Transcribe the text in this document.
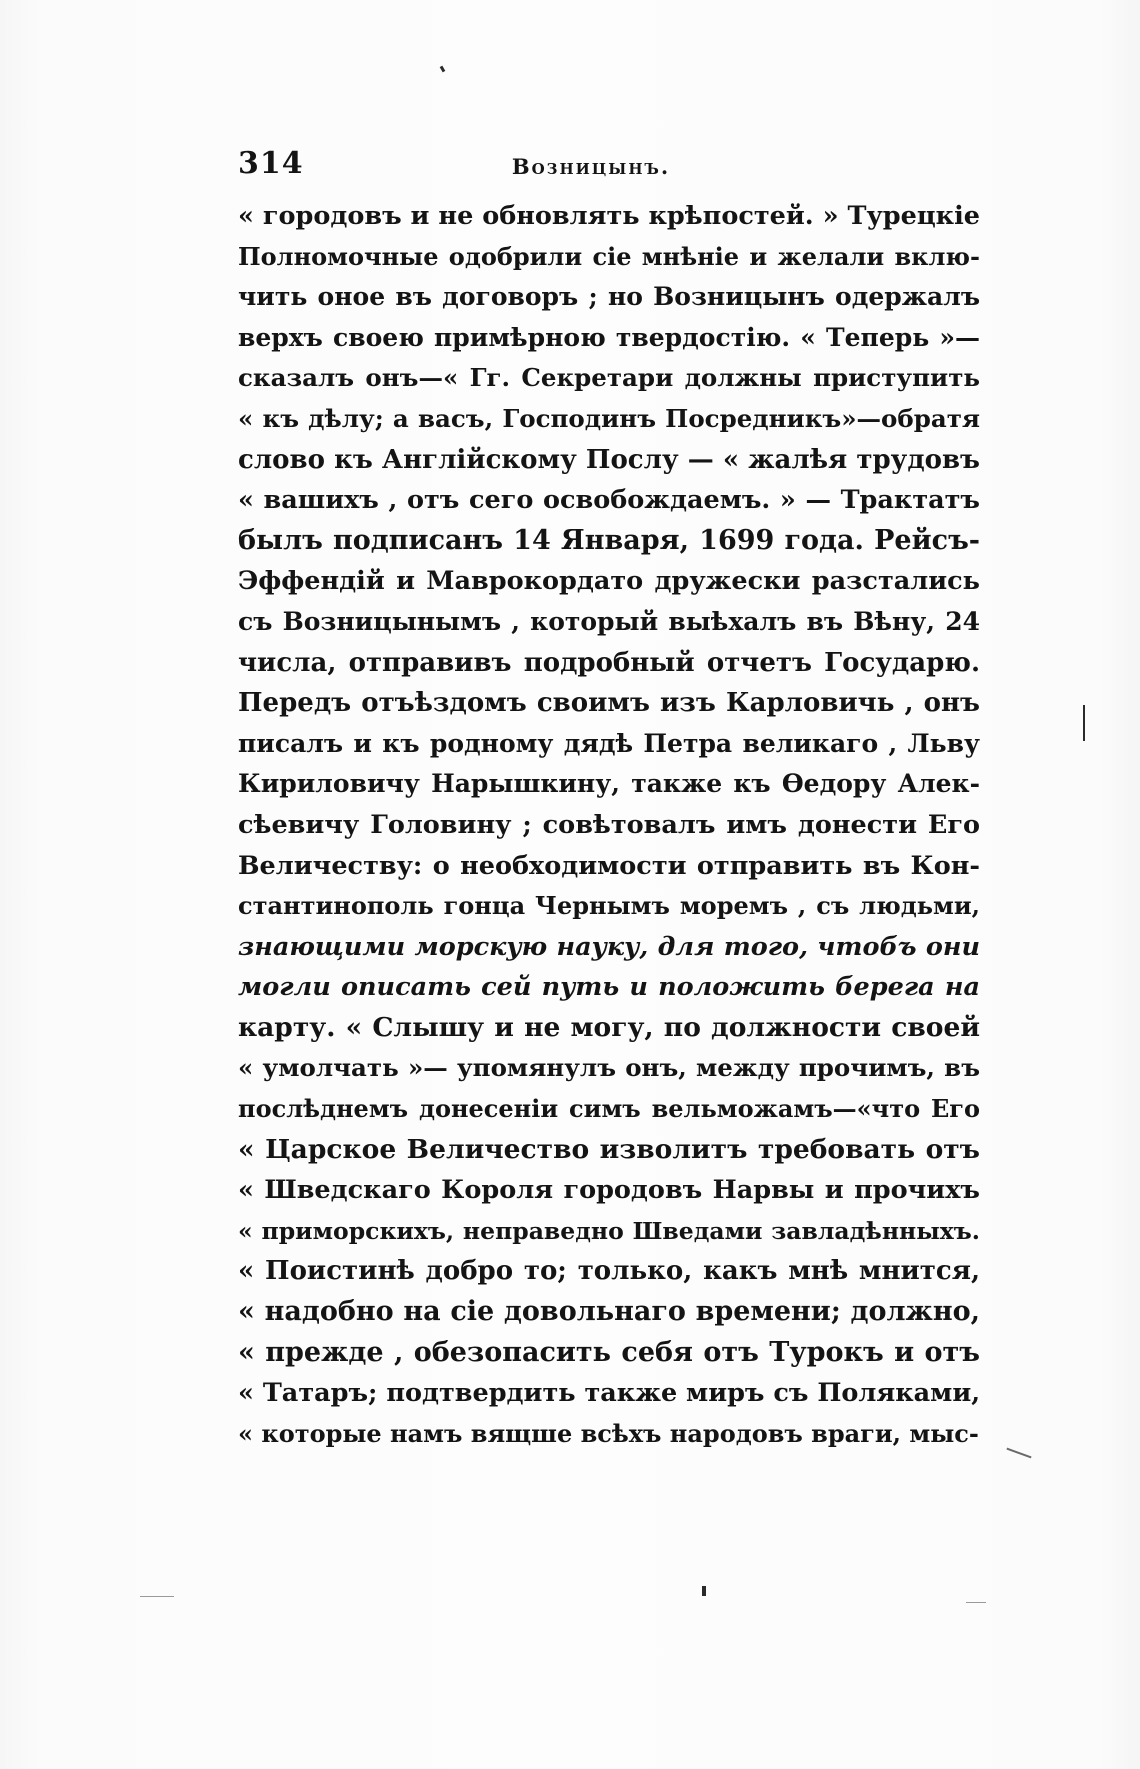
314	Возницынъ.
« городовъ и не обновлять крѣпостей. » Турецкіе
Полномочные одобрили сіе мнѣніе и желали вклю-
чить оное въ договоръ ; но Возницынъ одержалъ
верхъ своею примѣрною твердостію. « Теперь »—
сказалъ онъ—« Гг. Секретари должны приступить
« къ дѣлу; а васъ, Господинъ Посредникъ»—обратя
слово къ Англійскому Послу — « жалѣя трудовъ
« вашихъ , отъ сего освобождаемъ. » — Трактатъ
былъ подписанъ 14 Января, 1699 года. Рейсъ-
Эффендій и Маврокордато дружески разстались
съ Возницынымъ , который выѣхалъ въ Вѣну, 24
числа, отправивъ подробный отчетъ Государю.
Передъ отъѣздомъ своимъ изъ Карловичь , онъ
писалъ и къ родному дядѣ Петра великаго , Льву
Кириловичу Нарышкину, также къ Ѳедору Алек-
сѣевичу Головину ; совѣтовалъ имъ донести Его
Величеству: о необходимости отправить въ Кон-
стантинополь гонца Чернымъ моремъ , съ людьми,
знающими морскую науку, для того, чтобъ они
могли описать сей путь и положить берега на
карту. « Слышу и не могу, по должности своей
« умолчать »— упомянулъ онъ, между прочимъ, въ
послѣднемъ донесеніи симъ вельможамъ—«что Его
« Царское Величество изволитъ требовать отъ
« Шведскаго Короля городовъ Нарвы и прочихъ
« приморскихъ, неправедно Шведами завладѣнныхъ.
« Поистинѣ добро то; только, какъ мнѣ мнится,
« надобно на сіе довольнаго времени; должно,
« прежде , обезопасить себя отъ Турокъ и отъ
« Татаръ; подтвердить также миръ съ Поляками,
« которые намъ вящше всѣхъ народовъ враги, мыс-
